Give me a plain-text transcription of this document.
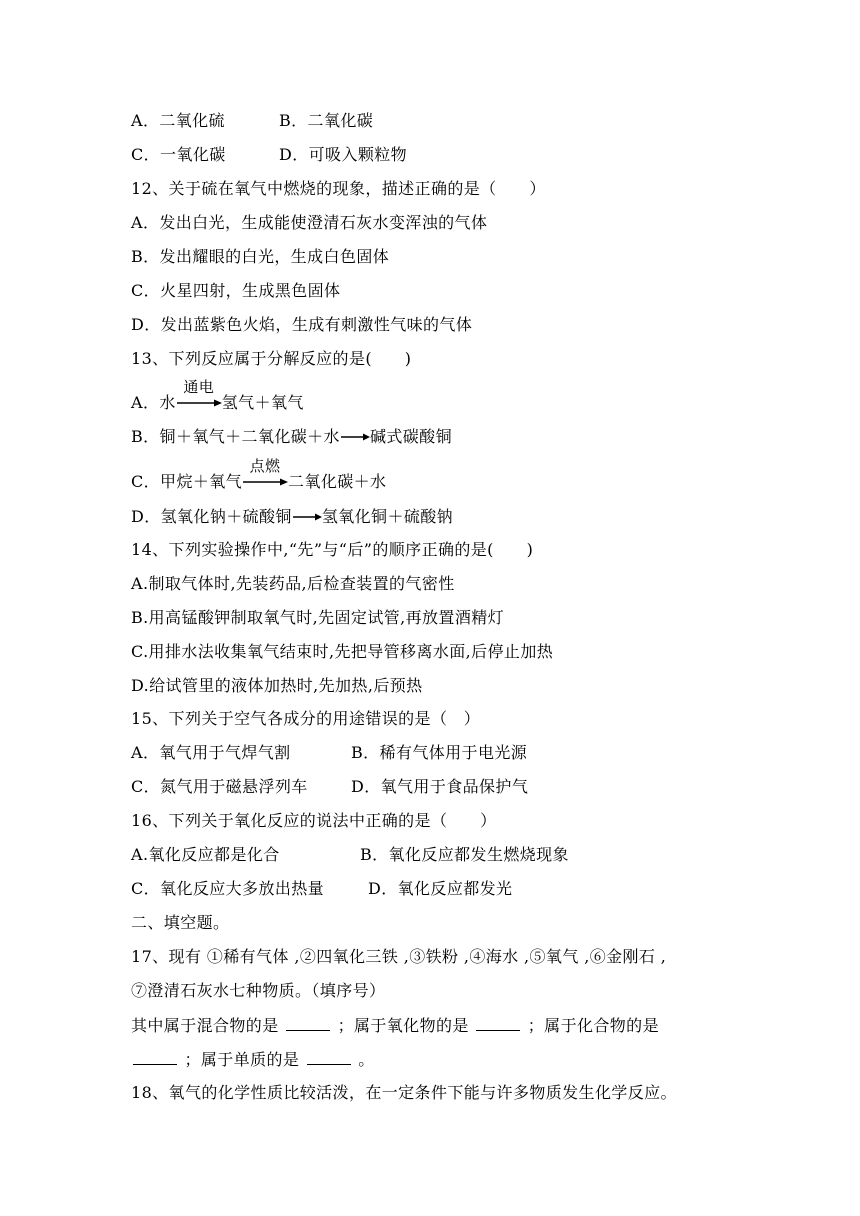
A．二氧化硫	B．二氧化碳
C．一氧化碳	D．可吸入颗粒物
12、关于硫在氧气中燃烧的现象，描述正确的是（　　）
A．发出白光，生成能使澄清石灰水变浑浊的气体
B．发出耀眼的白光，生成白色固体
C．火星四射，生成黑色固体
D．发出蓝紫色火焰，生成有刺激性气味的气体
13、下列反应属于分解反应的是(　　)
A．水
通电
氢气＋氧气
B．铜＋氧气＋二氧化碳＋水 碱式碳酸铜
C．甲烷＋氧气
点燃
二氧化碳＋水
D．氢氧化钠＋硫酸铜 氢氧化铜＋硫酸钠
14、下列实验操作中,“先”与“后”的顺序正确的是(　　)
A.制取气体时,先装药品,后检查装置的气密性
B.用高锰酸钾制取氧气时,先固定试管,再放置酒精灯
C.用排水法收集氧气结束时,先把导管移离水面,后停止加热
D.给试管里的液体加热时,先加热,后预热
15、下列关于空气各成分的用途错误的是（　）
A．氧气用于气焊气割	B．稀有气体用于电光源
C．氮气用于磁悬浮列车	D．氧气用于食品保护气
16、下列关于氧化反应的说法中正确的是（　　）
A.氧化反应都是化合	B．氧化反应都发生燃烧现象
C．氧化反应大多放出热量	D．氧化反应都发光
二、填空题。
17、现有 ①稀有气体 ,②四氧化三铁 ,③铁粉 ,④海水 ,⑤氧气 ,⑥金刚石 ,
⑦澄清石灰水七种物质。（填序号）
其中属于混合物的是	；属于氧化物的是	；属于化合物的是
；属于单质的是	。
18、氧气的化学性质比较活泼，在一定条件下能与许多物质发生化学反应。
